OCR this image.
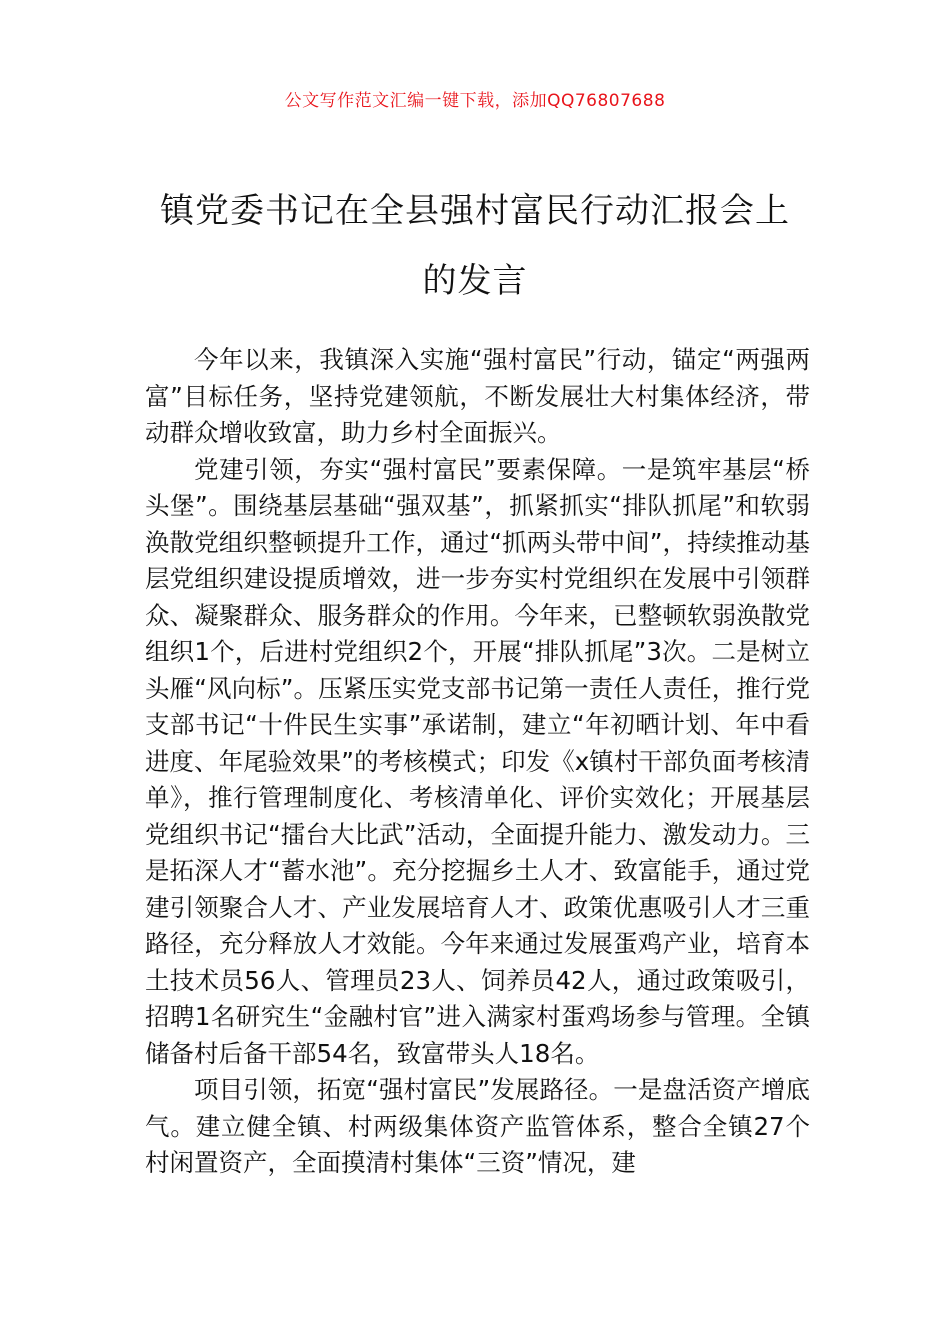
公文写作范文汇编一键下载，添加QQ76807688
镇党委书记在全县强村富民行动汇报会上
的发言

今年以来，我镇深入实施“强村富民”行动，锚定“两强两富”目标任务，坚持党建领航，不断发展壮大村集体经济，带动群众增收致富，助力乡村全面振兴。

党建引领，夯实“强村富民”要素保障。一是筑牢基层“桥头堡”。围绕基层基础“强双基”，抓紧抓实“排队抓尾”和软弱涣散党组织整顿提升工作，通过“抓两头带中间”，持续推动基层党组织建设提质增效，进一步夯实村党组织在发展中引领群众、凝聚群众、服务群众的作用。今年来，已整顿软弱涣散党组织1个，后进村党组织2个，开展“排队抓尾”3次。二是树立头雁“风向标”。压紧压实党支部书记第一责任人责任，推行党支部书记“十件民生实事”承诺制，建立“年初晒计划、年中看进度、年尾验效果”的考核模式；印发《x镇村干部负面考核清单》，推行管理制度化、考核清单化、评价实效化；开展基层党组织书记“擂台大比武”活动，全面提升能力、激发动力。三是拓深人才“蓄水池”。充分挖掘乡土人才、致富能手，通过党建引领聚合人才、产业发展培育人才、政策优惠吸引人才三重路径，充分释放人才效能。今年来通过发展蛋鸡产业，培育本土技术员56人、管理员23人、饲养员42人，通过政策吸引，招聘1名研究生“金融村官”进入满家村蛋鸡场参与管理。全镇储备村后备干部54名，致富带头人18名。

项目引领，拓宽“强村富民”发展路径。一是盘活资产增底气。建立健全镇、村两级集体资产监管体系，整合全镇27个村闲置资产，全面摸清村集体“三资”情况，建
